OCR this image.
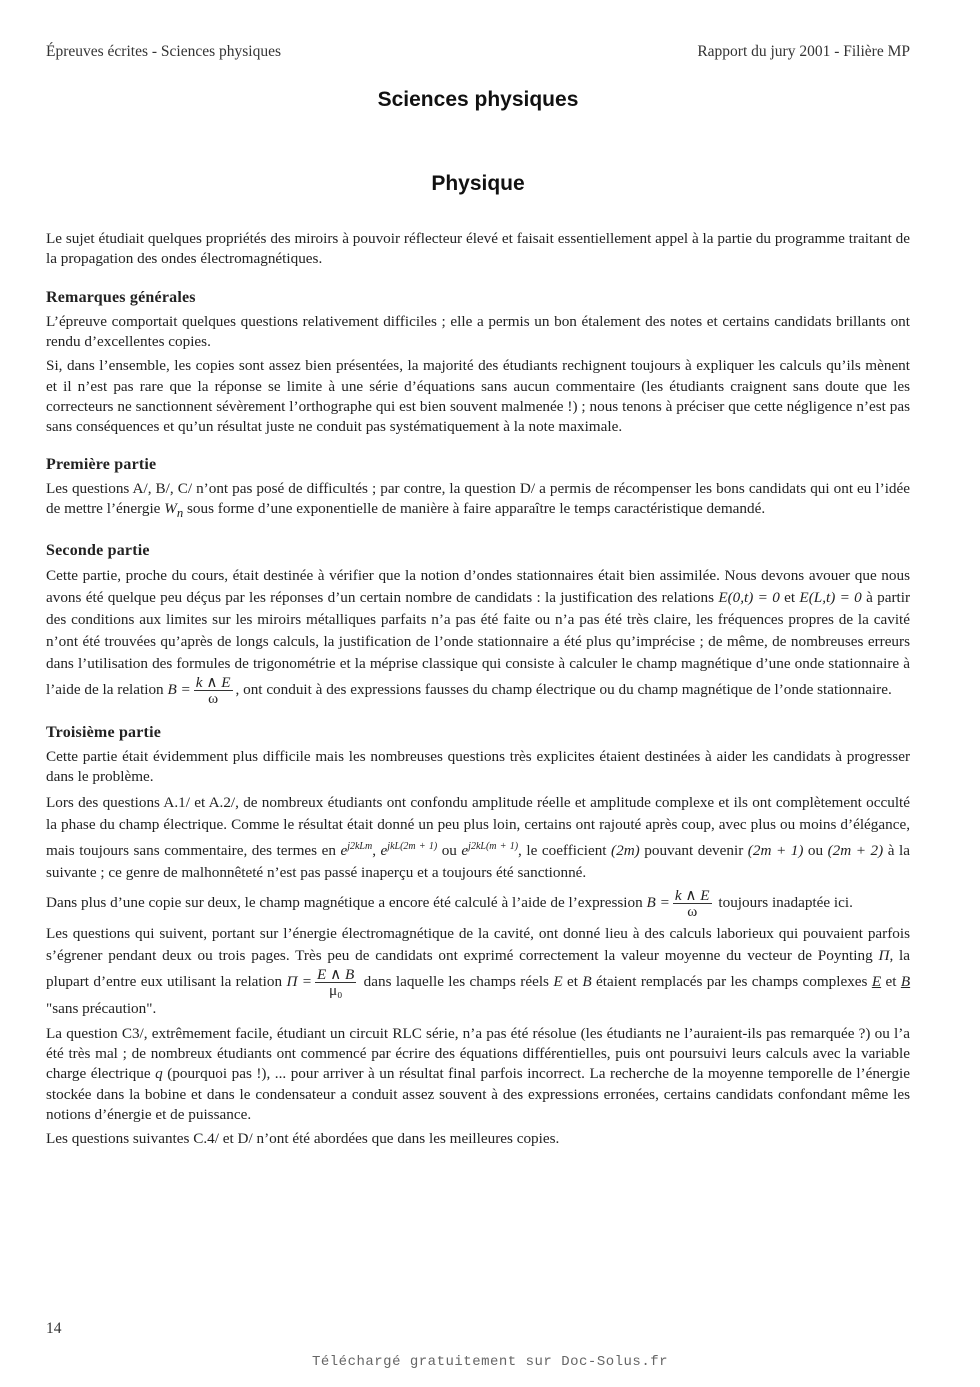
Épreuves écrites - Sciences physiques	Rapport du jury 2001 - Filière MP
Sciences physiques
Physique

Le sujet étudiait quelques propriétés des miroirs à pouvoir réflecteur élevé et faisait essentiellement appel à la partie du programme traitant de la propagation des ondes électromagnétiques.

Remarques générales

L’épreuve comportait quelques questions relativement difficiles ; elle a permis un bon étalement des notes et certains candidats brillants ont rendu d’excellentes copies.

Si, dans l’ensemble, les copies sont assez bien présentées, la majorité des étudiants rechignent toujours à expliquer les calculs qu’ils mènent et il n’est pas rare que la réponse se limite à une série d’équations sans aucun commentaire (les étudiants craignent sans doute que les correcteurs ne sanctionnent sévèrement l’orthographe qui est bien souvent malmenée !) ; nous tenons à préciser que cette négligence n’est pas sans conséquences et qu’un résultat juste ne conduit pas systématiquement à la note maximale.

Première partie

Les questions A/, B/, C/ n’ont pas posé de difficultés ; par contre, la question D/ a permis de récompenser les bons candidats qui ont eu l’idée de mettre l’énergie $W_n$ sous forme d’une exponentielle de manière à faire apparaître le temps caractéristique demandé.

Seconde partie

Cette partie, proche du cours, était destinée à vérifier que la notion d’ondes stationnaires était bien assimilée. Nous devons avouer que nous avons été quelque peu déçus par les réponses d’un certain nombre de candidats : la justification des relations E(0,t) = 0 et E(L,t) = 0 à partir des conditions aux limites sur les miroirs métalliques parfaits n’a pas été faite ou n’a pas été très claire, les fréquences propres de la cavité n’ont été trouvées qu’après de longs calculs, la justification de l’onde stationnaire a été plus qu’imprécise ; de même, de nombreuses erreurs dans l’utilisation des formules de trigonométrie et la méprise classique qui consiste à calculer le champ magnétique d’une onde stationnaire à l’aide de la relation $B = \frac{k \wedge E}{\omega}$ , ont conduit à des expressions fausses du champ électrique ou du champ magnétique de l’onde stationnaire.

Troisième partie

Cette partie était évidemment plus difficile mais les nombreuses questions très explicites étaient destinées à aider les candidats à progresser dans le problème.

Lors des questions A.1/ et A.2/, de nombreux étudiants ont confondu amplitude réelle et amplitude complexe et ils ont complètement occulté la phase du champ électrique. Comme le résultat était donné un peu plus loin, certains ont rajouté après coup, avec plus ou moins d’élégance, mais toujours sans commentaire, des termes en $e^{j2kLm}$, $e^{jkL(2m + 1)}$ ou $e^{j2kL(m + 1)}$, le coefficient (2m) pouvant devenir (2m + 1) ou (2m + 2) à la suivante ; ce genre de malhonnêteté n’est pas passé inaperçu et a toujours été sanctionné.

Dans plus d’une copie sur deux, le champ magnétique a encore été calculé à l’aide de l’expression $B = \frac{k \wedge E}{\omega}$ toujours inadaptée ici.

Les questions qui suivent, portant sur l’énergie électromagnétique de la cavité, ont donné lieu à des calculs laborieux qui pouvaient parfois s’égrener pendant deux ou trois pages. Très peu de candidats ont exprimé correctement la valeur moyenne du vecteur de Poynting Π, la plupart d’entre eux utilisant la relation $\Pi = \frac{E \wedge B}{\text{μ₀}}$ dans laquelle les champs réels E et B étaient remplacés par les champs complexes E et B "sans précaution".

La question C3/, extrêmement facile, étudiant un circuit RLC série, n’a pas été résolue (les étudiants ne l’auraient-ils pas remarquée ?) ou l’a été très mal ; de nombreux étudiants ont commencé par écrire des équations différentielles, puis ont poursuivi leurs calculs avec la variable charge électrique q (pourquoi pas !), ... pour arriver à un résultat final parfois incorrect. La recherche de la moyenne temporelle de l’énergie stockée dans la bobine et dans le condensateur a conduit assez souvent à des expressions erronées, certains candidats confondant même les notions d’énergie et de puissance.

Les questions suivantes C.4/ et D/ n’ont été abordées que dans les meilleures copies.

14
Téléchargé gratuitement sur Doc-Solus.fr
